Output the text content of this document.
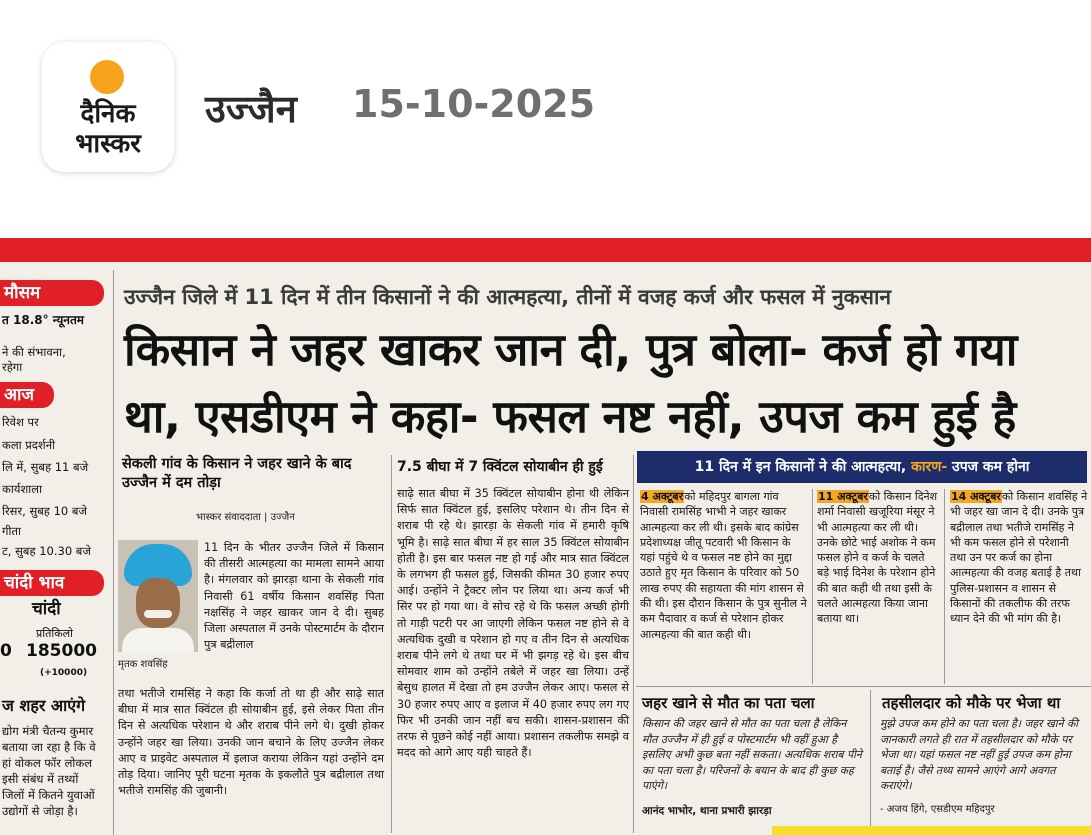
दैनिक
भास्कर
उज्जैन 15-10-2025
मौसम
त 18.8° न्यूनतम
ने की संभावना,
रहेगा
आज
रिवेश पर
कला प्रदर्शनी
लि में, सुबह 11 बजे
कार्यशाला
रिसर, सुबह 10 बजे
गीता
ट, सुबह 10.30 बजे
चांदी भाव
चांदी
प्रतिकिलो
0 185000
(+10000)
ज शहर आएंगे
द्योग मंत्री चैतन्य कुमार
बताया जा रहा है कि वे
हां वोकल फॉर लोकल
इसी संबंध में तथ्यों
जिलों में कितने युवाओं
उद्योगों से जोड़ा है।
उज्जैन जिले में 11 दिन में तीन किसानों ने की आत्महत्या, तीनों में वजह कर्ज और फसल में नुकसान
किसान ने जहर खाकर जान दी, पुत्र बोला- कर्ज हो गया
था, एसडीएम ने कहा- फसल नष्ट नहीं, उपज कम हुई है
सेकली गांव के किसान ने जहर खाने के बाद उज्जैन में दम तोड़ा
भास्कर संवाददाता | उज्जैन
मृतक शवसिंह
11 दिन के भीतर उज्जैन जिले में किसान की तीसरी आत्महत्या का मामला सामने आया है। मंगलवार को झारड़ा थाना के सेकली गांव निवासी 61 वर्षीय किसान शवसिंह पिता नक्षसिंह ने जहर खाकर जान दे दी। सुबह जिला अस्पताल में उनके पोस्टमार्टम के दौरान पुत्र बद्रीलाल
तथा भतीजे रामसिंह ने कहा कि कर्जा तो था ही और साढ़े सात बीघा में मात्र सात क्विंटल ही सोयाबीन हुई, इसे लेकर पिता तीन दिन से अत्यधिक परेशान थे और शराब पीने लगे थे। दुखी होकर उन्होंने जहर खा लिया। उनकी जान बचाने के लिए उज्जैन लेकर आए व प्राइवेट अस्पताल में इलाज कराया लेकिन यहां उन्होंने दम तोड़ दिया। जानिए पूरी घटना मृतक के इकलौते पुत्र बद्रीलाल तथा भतीजे रामसिंह की जुबानी।
7.5 बीघा में 7 क्विंटल सोयाबीन ही हुई
साढ़े सात बीघा में 35 क्विंटल सोयाबीन होना थी लेकिन सिर्फ सात क्विंटल हुई, इसलिए परेशान थे। तीन दिन से शराब पी रहे थे। झारड़ा के सेकली गांव में हमारी कृषि भूमि है। साढ़े सात बीघा में हर साल 35 क्विंटल सोयाबीन होती है। इस बार फसल नष्ट हो गई और मात्र सात क्विंटल के लगभग ही फसल हुई, जिसकी कीमत 30 हजार रुपए आई। उन्होंने ने ट्रैक्टर लोन पर लिया था। अन्य कर्ज भी सिर पर हो गया था। वे सोच रहे थे कि फसल अच्छी होगी तो गाड़ी पटरी पर आ जाएगी लेकिन फसल नष्ट होने से वे अत्यधिक दुखी व परेशान हो गए व तीन दिन से अत्यधिक शराब पीने लगे थे तथा घर में भी झगड़ रहे थे। इस बीच सोमवार शाम को उन्होंने तबेले में जहर खा लिया। उन्हें बेसुध हालत में देखा तो हम उज्जैन लेकर आए। फसल से 30 हजार रुपए आए व इलाज में 40 हजार रुपए लग गए फिर भी उनकी जान नहीं बच सकी। शासन-प्रशासन की तरफ से पूछने कोई नहीं आया। प्रशासन तकलीफ समझे व मदद को आगे आए यही चाहते हैं।
11 दिन में इन किसानों ने की आत्महत्या, कारण- उपज कम होना
4 अक्टूबरको महिदपुर बागला गांव निवासी रामसिंह भाभी ने जहर खाकर आत्महत्या कर ली थी। इसके बाद कांग्रेस प्रदेशाध्यक्ष जीतू पटवारी भी किसान के यहां पहुंचे थे व फसल नष्ट होने का मुद्दा उठाते हुए मृत किसान के परिवार को 50 लाख रुपए की सहायता की मांग शासन से की थी। इस दौरान किसान के पुत्र सुनील ने कम पैदावार व कर्ज से परेशान होकर आत्महत्या की बात कही थी।
11 अक्टूबरको किसान दिनेश शर्मा निवासी खजूरिया मंसूर ने भी आत्महत्या कर ली थी। उनके छोटे भाई अशोक ने कम फसल होने व कर्ज के चलते बड़े भाई दिनेश के परेशान होने की बात कही थी तथा इसी के चलते आत्महत्या किया जाना बताया था।
14 अक्टूबरको किसान शवसिंह ने भी जहर खा जान दे दी। उनके पुत्र बद्रीलाल तथा भतीजे रामसिंह ने भी कम फसल होने से परेशानी तथा उन पर कर्ज का होना आत्महत्या की वजह बताई है तथा पुलिस-प्रशासन व शासन से किसानों की तकलीफ की तरफ ध्यान देने की भी मांग की है।
जहर खाने से मौत का पता चला
किसान की जहर खाने से मौत का पता चला है लेकिन मौत उज्जैन में ही हुई व पोस्टमार्टम भी वहीं हुआ है इसलिए अभी कुछ बता नहीं सकता। अत्यधिक शराब पीने का पता चला है। परिजनों के बयान के बाद ही कुछ कह पाएंगे।
आनंद भाभोर, थाना प्रभारी झारड़ा
तहसीलदार को मौके पर भेजा था
मुझे उपज कम होने का पता चला है। जहर खाने की जानकारी लगते ही रात में तहसीलदार को मौके पर भेजा था। यहां फसल नष्ट नहीं हुई उपज कम होना बताई है। जैसे तथ्य सामने आएंगे आगे अवगत कराएंगे।
- अजय हिंगे, एसडीएम महिदपुर
